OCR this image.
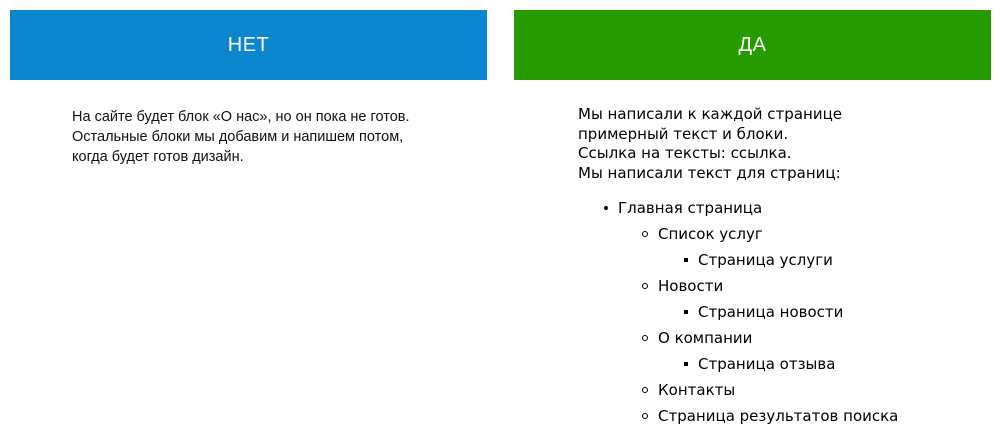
НЕТ	ДА
На сайте будет блок «О нас», но он пока не готов. Остальные блоки мы добавим и напишем потом, когда будет готов дизайн.

Мы написали к каждой странице

примерный текст и блоки.

Ссылка на тексты: ссылка.

Мы написали текст для страниц:

Главная страница
Список услуг
Страница услуги
Новости
Страница новости
О компании
Страница отзыва
Контакты
Страница результатов поиска
